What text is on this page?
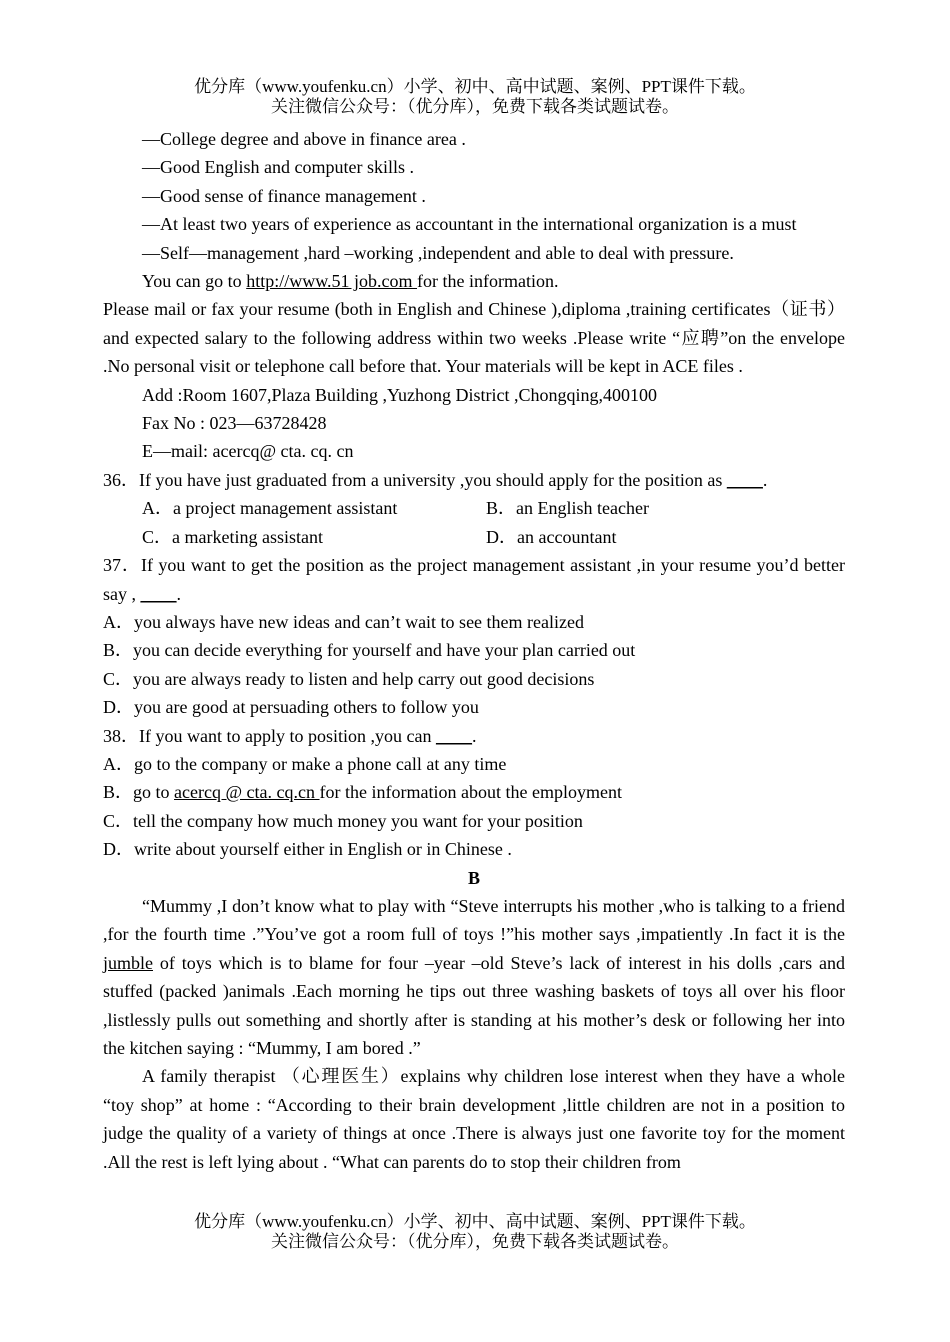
优分库（www.youfenku.cn）小学、初中、高中试题、案例、PPT课件下载。
关注微信公众号：（优分库），免费下载各类试题试卷。

—College degree and above in finance area .

—Good English and computer skills .

—Good sense of finance management .

—At least two years of experience as accountant in the international organization is a must

—Self—management ,hard –working ,independent and able to deal with pressure.

You can go to http://www.51 job.com for the information.

Please mail or fax your resume (both in English and Chinese ),diploma ,training certificates（证书）and expected salary to the following address within two weeks .Please write “应聘”on the envelope .No personal visit or telephone call before that. Your materials will be kept in ACE files .

Add :Room 1607,Plaza Building ,Yuzhong District ,Chongqing,400100

Fax No : 023—63728428

E—mail: acercq@ cta. cq. cn

36．If you have just graduated from a university ,you should apply for the position as ____.

A．a project management assistant	B．an English teacher
C．a marketing assistant	D．an accountant

37．If you want to get the position as the project management assistant ,in your resume you’d better say , ____.

A．you always have new ideas and can’t wait to see them realized

B．you can decide everything for yourself and have your plan carried out

C．you are always ready to listen and help carry out good decisions

D．you are good at persuading others to follow you

38．If you want to apply to position ,you can ____.

A．go to the company or make a phone call at any time

B．go to acercq @ cta. cq.cn for the information about the employment

C．tell the company how much money you want for your position

D．write about yourself either in English or in Chinese .

B

“Mummy ,I don’t know what to play with “Steve interrupts his mother ,who is talking to a friend ,for the fourth time .”You’ve got a room full of toys !”his mother says ,impatiently .In fact it is the jumble of toys which is to blame for four –year –old Steve’s lack of interest in his dolls ,cars and stuffed (packed )animals .Each morning he tips out three washing baskets of toys all over his floor ,listlessly pulls out something and shortly after is standing at his mother’s desk or following her into the kitchen saying : “Mummy, I am bored .”

A family therapist （心理医生）explains why children lose interest when they have a whole “toy shop” at home : “According to their brain development ,little children are not in a position to judge the quality of a variety of things at once .There is always just one favorite toy for the moment .All the rest is left lying about . “What can parents do to stop their children from

优分库（www.youfenku.cn）小学、初中、高中试题、案例、PPT课件下载。
关注微信公众号：（优分库），免费下载各类试题试卷。
